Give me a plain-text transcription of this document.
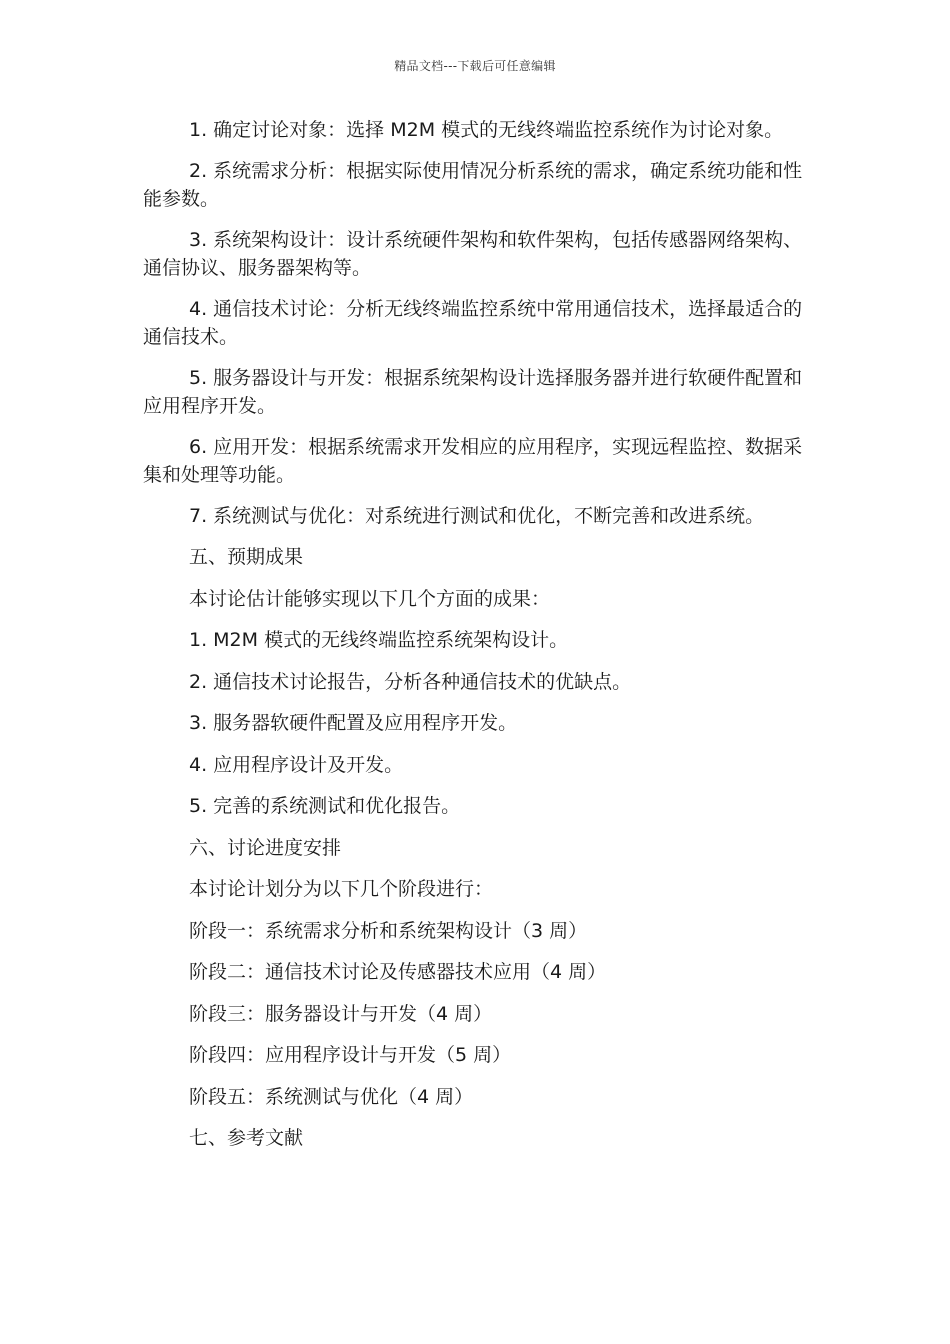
精品文档---下载后可任意编辑

1. 确定讨论对象：选择 M2M 模式的无线终端监控系统作为讨论对象。

2. 系统需求分析：根据实际使用情况分析系统的需求，确定系统功能和性能参数。

3. 系统架构设计：设计系统硬件架构和软件架构，包括传感器网络架构、通信协议、服务器架构等。

4. 通信技术讨论：分析无线终端监控系统中常用通信技术，选择最适合的通信技术。

5. 服务器设计与开发：根据系统架构设计选择服务器并进行软硬件配置和应用程序开发。

6. 应用开发：根据系统需求开发相应的应用程序，实现远程监控、数据采集和处理等功能。

7. 系统测试与优化：对系统进行测试和优化，不断完善和改进系统。

五、预期成果
本讨论估计能够实现以下几个方面的成果：
1. M2M 模式的无线终端监控系统架构设计。
2. 通信技术讨论报告，分析各种通信技术的优缺点。
3. 服务器软硬件配置及应用程序开发。
4. 应用程序设计及开发。
5. 完善的系统测试和优化报告。
六、讨论进度安排
本讨论计划分为以下几个阶段进行：
阶段一：系统需求分析和系统架构设计（3 周）
阶段二：通信技术讨论及传感器技术应用（4 周）
阶段三：服务器设计与开发（4 周）
阶段四：应用程序设计与开发（5 周）
阶段五：系统测试与优化（4 周）
七、参考文献
